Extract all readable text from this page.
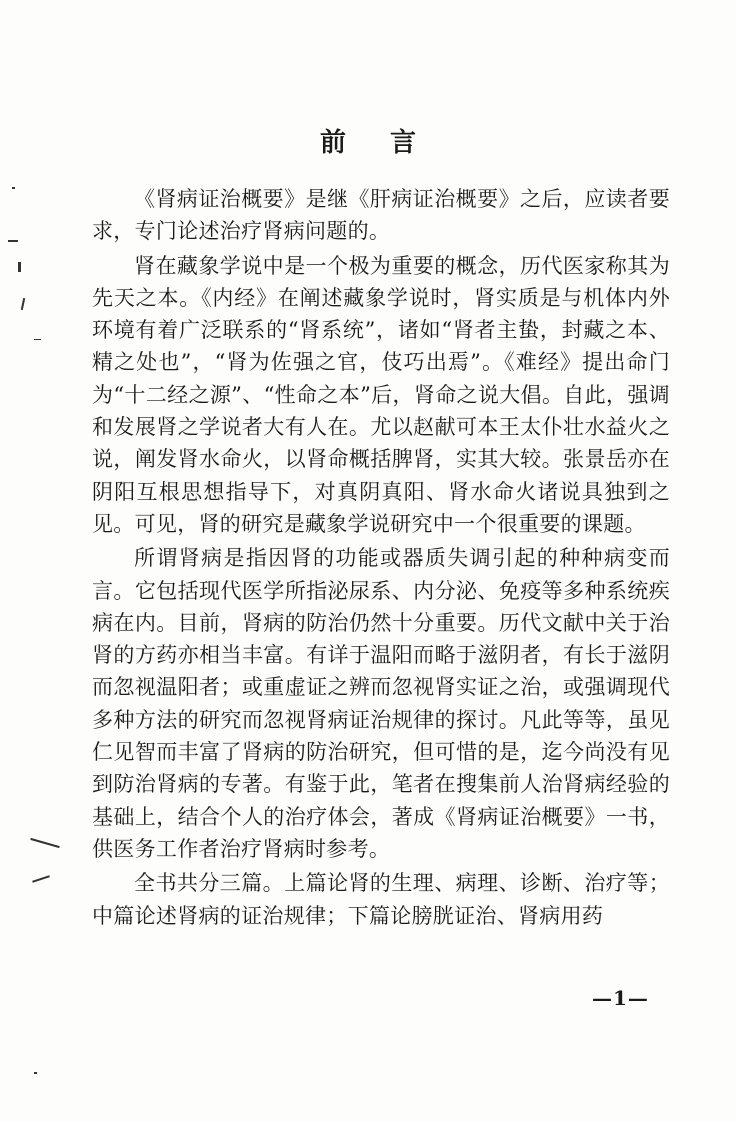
前言

《肾病证治概要》是继《肝病证治概要》之后，应读者要求，专门论述治疗肾病问题的。

肾在藏象学说中是一个极为重要的概念，历代医家称其为先天之本。《内经》在阐述藏象学说时，肾实质是与机体内外环境有着广泛联系的“肾系统”，诸如“肾者主蛰，封藏之本、精之处也”，“肾为佐强之官，伎巧出焉”。《难经》提出命门为“十二经之源”、“性命之本”后，肾命之说大倡。自此，强调和发展肾之学说者大有人在。尤以赵献可本王太仆壮水益火之说，阐发肾水命火，以肾命概括脾肾，实其大较。张景岳亦在阴阳互根思想指导下，对真阴真阳、肾水命火诸说具独到之见。可见，肾的研究是藏象学说研究中一个很重要的课题。

所谓肾病是指因肾的功能或器质失调引起的种种病变而言。它包括现代医学所指泌尿系、内分泌、免疫等多种系统疾病在内。目前，肾病的防治仍然十分重要。历代文献中关于治肾的方药亦相当丰富。有详于温阳而略于滋阴者，有长于滋阴而忽视温阳者；或重虚证之辨而忽视肾实证之治，或强调现代多种方法的研究而忽视肾病证治规律的探讨。凡此等等，虽见仁见智而丰富了肾病的防治研究，但可惜的是，迄今尚没有见到防治肾病的专著。有鉴于此，笔者在搜集前人治肾病经验的基础上，结合个人的治疗体会，著成《肾病证治概要》一书，供医务工作者治疗肾病时参考。

全书共分三篇。上篇论肾的生理、病理、诊断、治疗等；中篇论述肾病的证治规律；下篇论膀胱证治、肾病用药

—1—
